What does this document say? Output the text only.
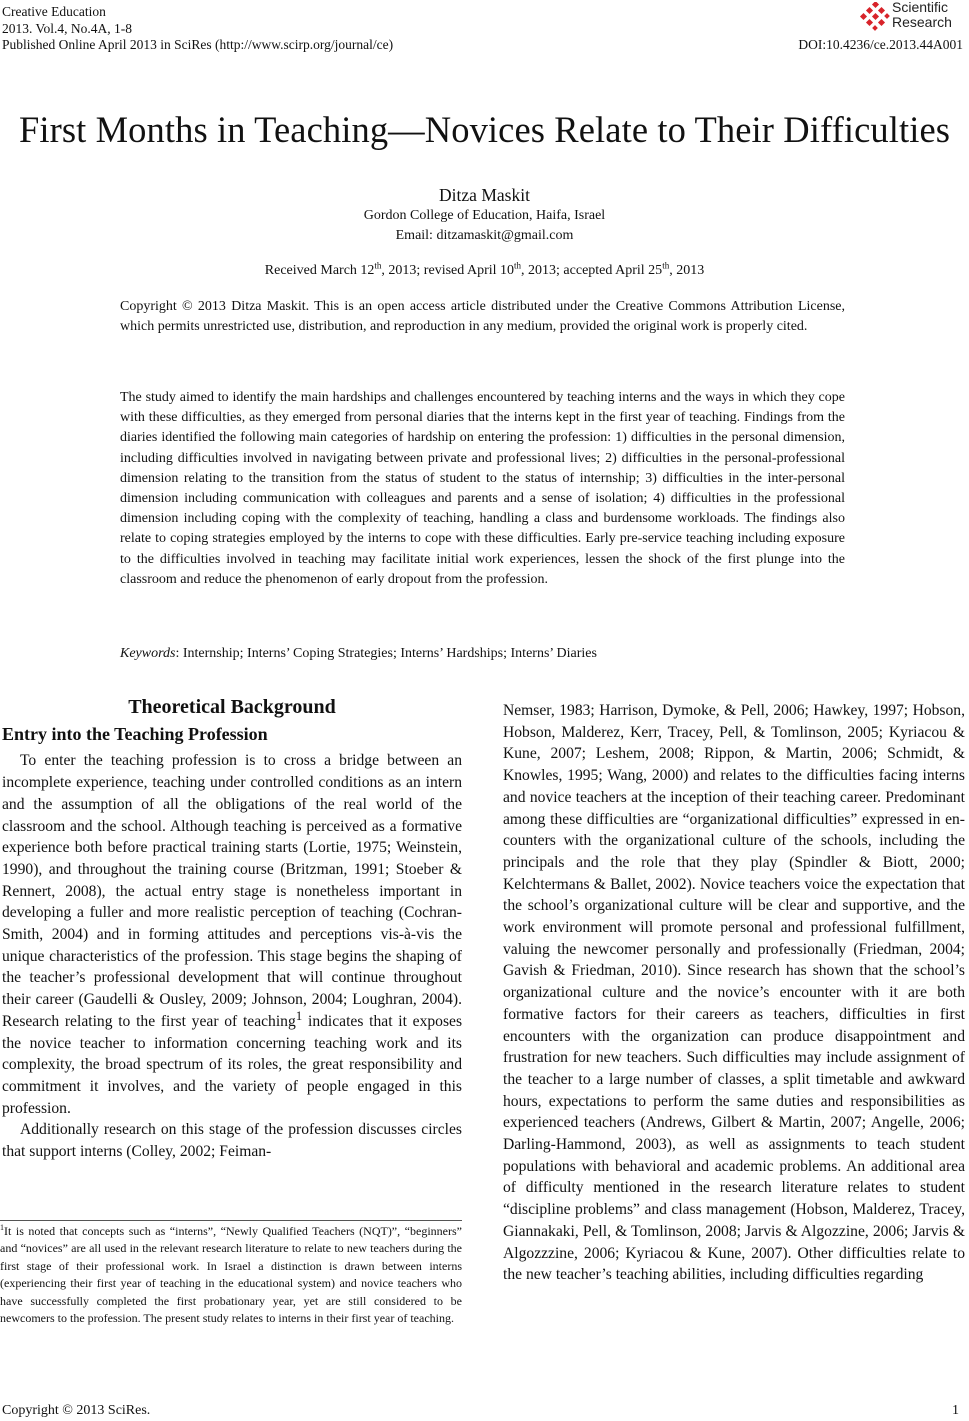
Creative Education
2013. Vol.4, No.4A, 1-8
Published Online April 2013 in SciRes (http://www.scirp.org/journal/ce)	DOI:10.4236/ce.2013.44A001
Scientific
Research
First Months in Teaching—Novices Relate to Their Difficulties
Ditza Maskit
Gordon College of Education, Haifa, Israel
Email: ditzamaskit@gmail.com
Received March 12th, 2013; revised April 10th, 2013; accepted April 25th, 2013
Copyright © 2013 Ditza Maskit. This is an open access article distributed under the Creative Commons Attribution License, which permits unrestricted use, distribution, and reproduction in any medium, provided the original work is properly cited.
The study aimed to identify the main hardships and challenges encountered by teaching interns and the ways in which they cope with these difficulties, as they emerged from personal diaries that the interns kept in the first year of teaching. Findings from the diaries identified the following main categories of hardship on entering the profession: 1) difficulties in the personal dimension, including difficulties involved in navigating between private and professional lives; 2) difficulties in the personal-professional dimension relating to the transition from the status of student to the status of internship; 3) difficulties in the inter-personal dimension including communication with colleagues and parents and a sense of isolation; 4) difficulties in the professional dimension including coping with the complexity of teaching, handling a class and burdensome workloads. The findings also relate to coping strategies employed by the interns to cope with these difficulties. Early pre-service teaching including exposure to the difficulties involved in teaching may facilitate initial work experiences, lessen the shock of the first plunge into the classroom and reduce the phenomenon of early dropout from the profession.
Keywords: Internship; Interns’ Coping Strategies; Interns’ Hardships; Interns’ Diaries
Theoretical Background
Entry into the Teaching Profession

To enter the teaching profession is to cross a bridge between an incomplete experience, teaching under controlled conditions as an intern and the assumption of all the obligations of the real world of the classroom and the school. Although teaching is perceived as a formative experience both before practical training starts (Lortie, 1975; Weinstein, 1990), and throughout the training course (Britzman, 1991; Stoeber & Rennert, 2008), the actual entry stage is nonetheless important in developing a fuller and more realistic perception of teaching (Cochran-Smith, 2004) and in forming attitudes and perceptions vis-à-vis the unique characteristics of the profession. This stage begins the shaping of the teacher’s professional development that will continue throughout their career (Gaudelli & Ousley, 2009; Johnson, 2004; Loughran, 2004). Research relating to the first year of teaching$^1$ indicates that it exposes the novice teacher to information concerning teaching work and its complexity, the broad spectrum of its roles, the great responsibility and commitment it involves, and the variety of people engaged in this profession.

Additionally research on this stage of the profession discusses circles that support interns (Colley, 2002; Feiman-

$^1$It is noted that concepts such as “interns”, “Newly Qualified Teachers (NQT)”, “beginners” and “novices” are all used in the relevant research literature to relate to new teachers during the first stage of their professional work. In Israel a distinction is drawn between interns (experiencing their first year of teaching in the educational system) and novice teachers who have successfully completed the first probationary year, yet are still considered to be newcomers to the profession. The present study relates to interns in their first year of teaching.

Nemser, 1983; Harrison, Dymoke, & Pell, 2006; Hawkey, 1997; Hobson, Hobson, Malderez, Kerr, Tracey, Pell, & Tomlinson, 2005; Kyriacou & Kune, 2007; Leshem, 2008; Rippon, & Martin, 2006; Schmidt, & Knowles, 1995; Wang, 2000) and relates to the difficulties facing interns and novice teachers at the inception of their teaching career. Predominant among these difficulties are “organizational difficulties” expressed in encounters with the organizational culture of the schools, including the principals and the role that they play (Spindler & Biott, 2000; Kelchtermans & Ballet, 2002). Novice teachers voice the expectation that the school’s organizational culture will be clear and supportive, and the work environment will promote personal and professional fulfillment, valuing the newcomer personally and professionally (Friedman, 2004; Gavish & Friedman, 2010). Since research has shown that the school’s organizational culture and the novice’s encounter with it are both formative factors for their careers as teachers, difficulties in first encounters with the organization can produce disappointment and frustration for new teachers. Such difficulties may include assignment of the teacher to a large number of classes, a split timetable and awkward hours, expectations to perform the same duties and responsibilities as experienced teachers (Andrews, Gilbert & Martin, 2007; Angelle, 2006; Darling-Hammond, 2003), as well as assignments to teach student populations with behavioral and academic problems. An additional area of difficulty mentioned in the research literature relates to student “discipline problems” and class management (Hobson, Malderez, Tracey, Giannakaki, Pell, & Tomlinson, 2008; Jarvis & Algozzine, 2006; Jarvis & Algozzzine, 2006; Kyriacou & Kune, 2007). Other difficulties relate to the new teacher’s teaching abilities, including difficulties regarding

Copyright © 2013 SciRes.	1
